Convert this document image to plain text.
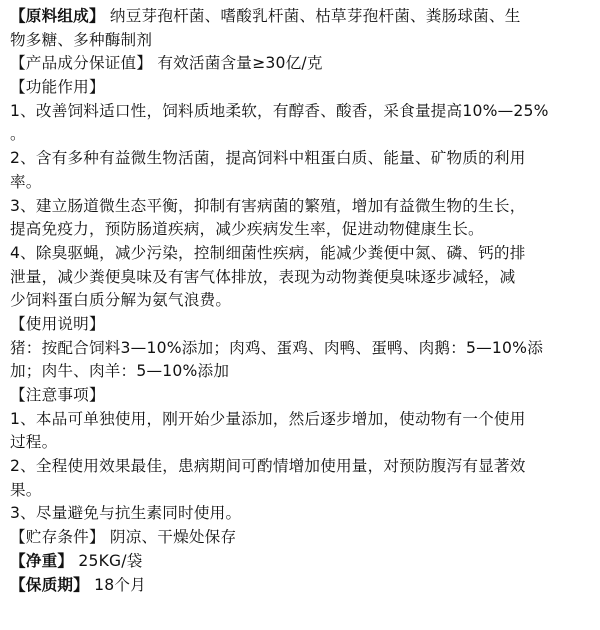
【原料组成】 纳豆芽孢杆菌、嗜酸乳杆菌、枯草芽孢杆菌、粪肠球菌、生
物多糖、多种酶制剂
【产品成分保证值】 有效活菌含量≥30亿/克
【功能作用】
1、改善饲料适口性，饲料质地柔软，有醇香、酸香，采食量提高10%—25%
。
2、含有多种有益微生物活菌，提高饲料中粗蛋白质、能量、矿物质的利用
率。
3、建立肠道微生态平衡，抑制有害病菌的繁殖，增加有益微生物的生长，
提高免疫力，预防肠道疾病，减少疾病发生率，促进动物健康生长。
4、除臭驱蝇，减少污染，控制细菌性疾病，能减少粪便中氮、磷、钙的排
泄量，减少粪便臭味及有害气体排放，表现为动物粪便臭味逐步减轻，减
少饲料蛋白质分解为氨气浪费。
【使用说明】
猪：按配合饲料3—10%添加；肉鸡、蛋鸡、肉鸭、蛋鸭、肉鹅：5—10%添
加；肉牛、肉羊：5—10%添加
【注意事项】
1、本品可单独使用，刚开始少量添加，然后逐步增加，使动物有一个使用
过程。
2、全程使用效果最佳，患病期间可酌情增加使用量，对预防腹泻有显著效
果。
3、尽量避免与抗生素同时使用。
【贮存条件】 阴凉、干燥处保存
【净重】 25KG/袋
【保质期】 18个月
